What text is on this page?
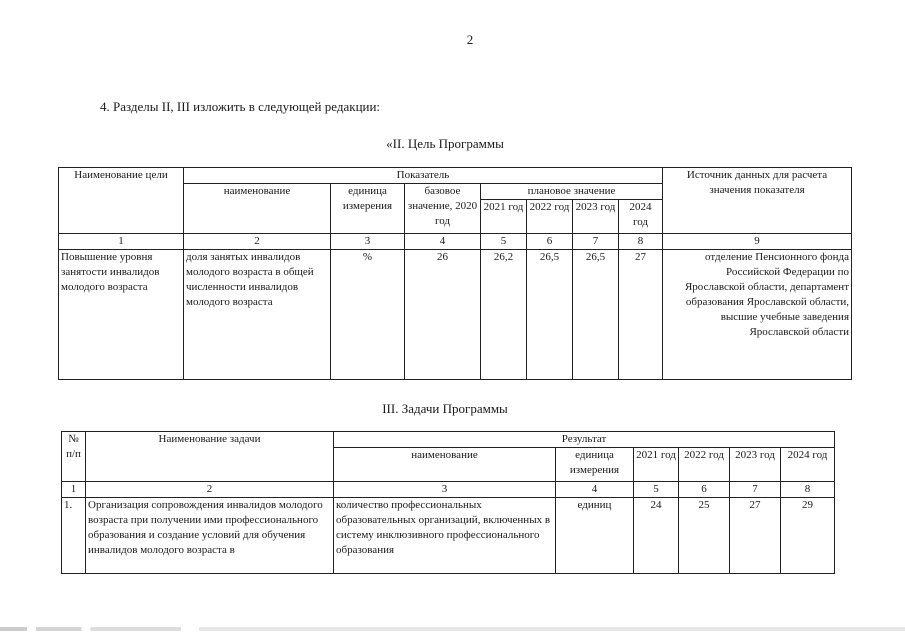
2
4. Разделы II, III изложить в следующей редакции:
«II. Цель Программы
Наименование цели	Показатель							Источник данных для расчета значения показателя
	наименование	единица измерения	базовое значение, 2020 год	плановое значение				
				2021 год	2022 год	2023 год	2024 год	
1	2	3	4	5	6	7	8	9
Повышение уровня занятости инвалидов молодого возраста	доля занятых инвалидов молодого возраста в общей численности инвалидов молодого возраста	%	26	26,2	26,5	26,5	27	отделение Пенсионного фонда Российской Федерации по Ярославской области, департамент образования Ярославской области, высшие учебные заведения Ярославской области
III. Задачи Программы
№ п/п	Наименование задачи	Результат					
		наименование	единица измерения	2021 год	2022 год	2023 год	2024 год
1	2	3	4	5	6	7	8
1.	Организация сопровождения инвалидов молодого возраста при получении ими профессионального образования и создание условий для обучения инвалидов молодого возраста в	количество профессиональных образовательных организаций, включенных в систему инклюзивного профессионального образования	единиц	24	25	27	29
